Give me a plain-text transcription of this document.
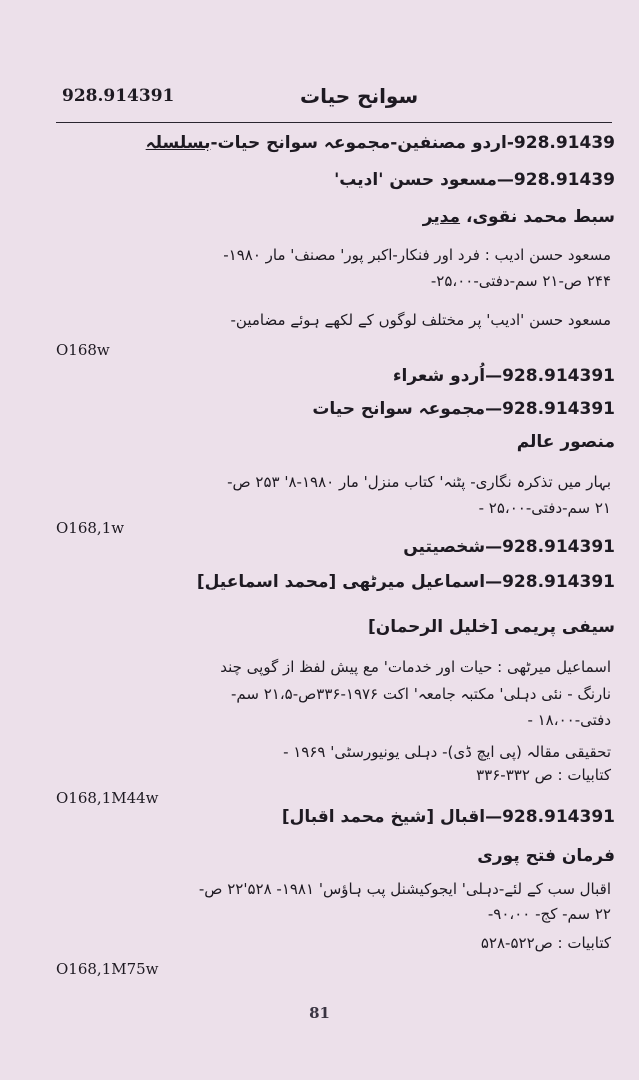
928.914391	سوانح حیات
928.91439-اردو مصنفین-مجموعہ سوانح حیات-بسلسلہ
928.91439—مسعود حسن 'ادیب'
سبط محمد نقوی، مدیر
مسعود حسن ادیب : فرد اور فنکار-اکبر پور' مصنف' مار ۱۹۸۰-
۲۴۴ ص-۲۱ سم-دفتی-۲۵،۰۰-
مسعود حسن 'ادیب' پر مختلف لوگوں کے لکھے ہوئے مضامین-
O168w
928.914391—اُردو شعراء
928.914391—مجموعہ سوانح حیات
منصور عالم
بہار میں تذکرہ نگاری- پٹنہ' کتاب منزل' مار ۱۹۸۰-۸' ۲۵۳ ص-
۲۱ سم-دفتی-۲۵،۰۰ -
O168,1w
928.914391—شخصیتیں
928.914391—اسماعیل میرٹھی [محمد اسماعیل]
سیفی پریمی [خلیل الرحمان]
اسماعیل میرٹھی : حیات اور خدمات' مع پیش لفظ از گوپی چند
نارنگ - نئی دہلی' مکتبہ جامعہ' اکت ۱۹۷۶-۳۳۶ص-۲۱،۵ سم-
دفتی-۱۸،۰۰ -
تحقیقی مقالہ (پی ایچ ڈی)- دہلی یونیورسٹی' ۱۹۶۹ -
کتابیات : ص ۳۳۲-۳۳۶
O168,1M44w
928.914391—اقبال [شیخ محمد اقبال]
فرمان فتح پوری
اقبال سب کے لئے-دہلی' ایجوکیشنل پب ہاؤس' ۱۹۸۱- ۵۲۸'۲۲ ص-
۲۲ سم- کج- ۹۰،۰۰-
کتابیات : ص۵۲۲-۵۲۸
O168,1M75w
81
